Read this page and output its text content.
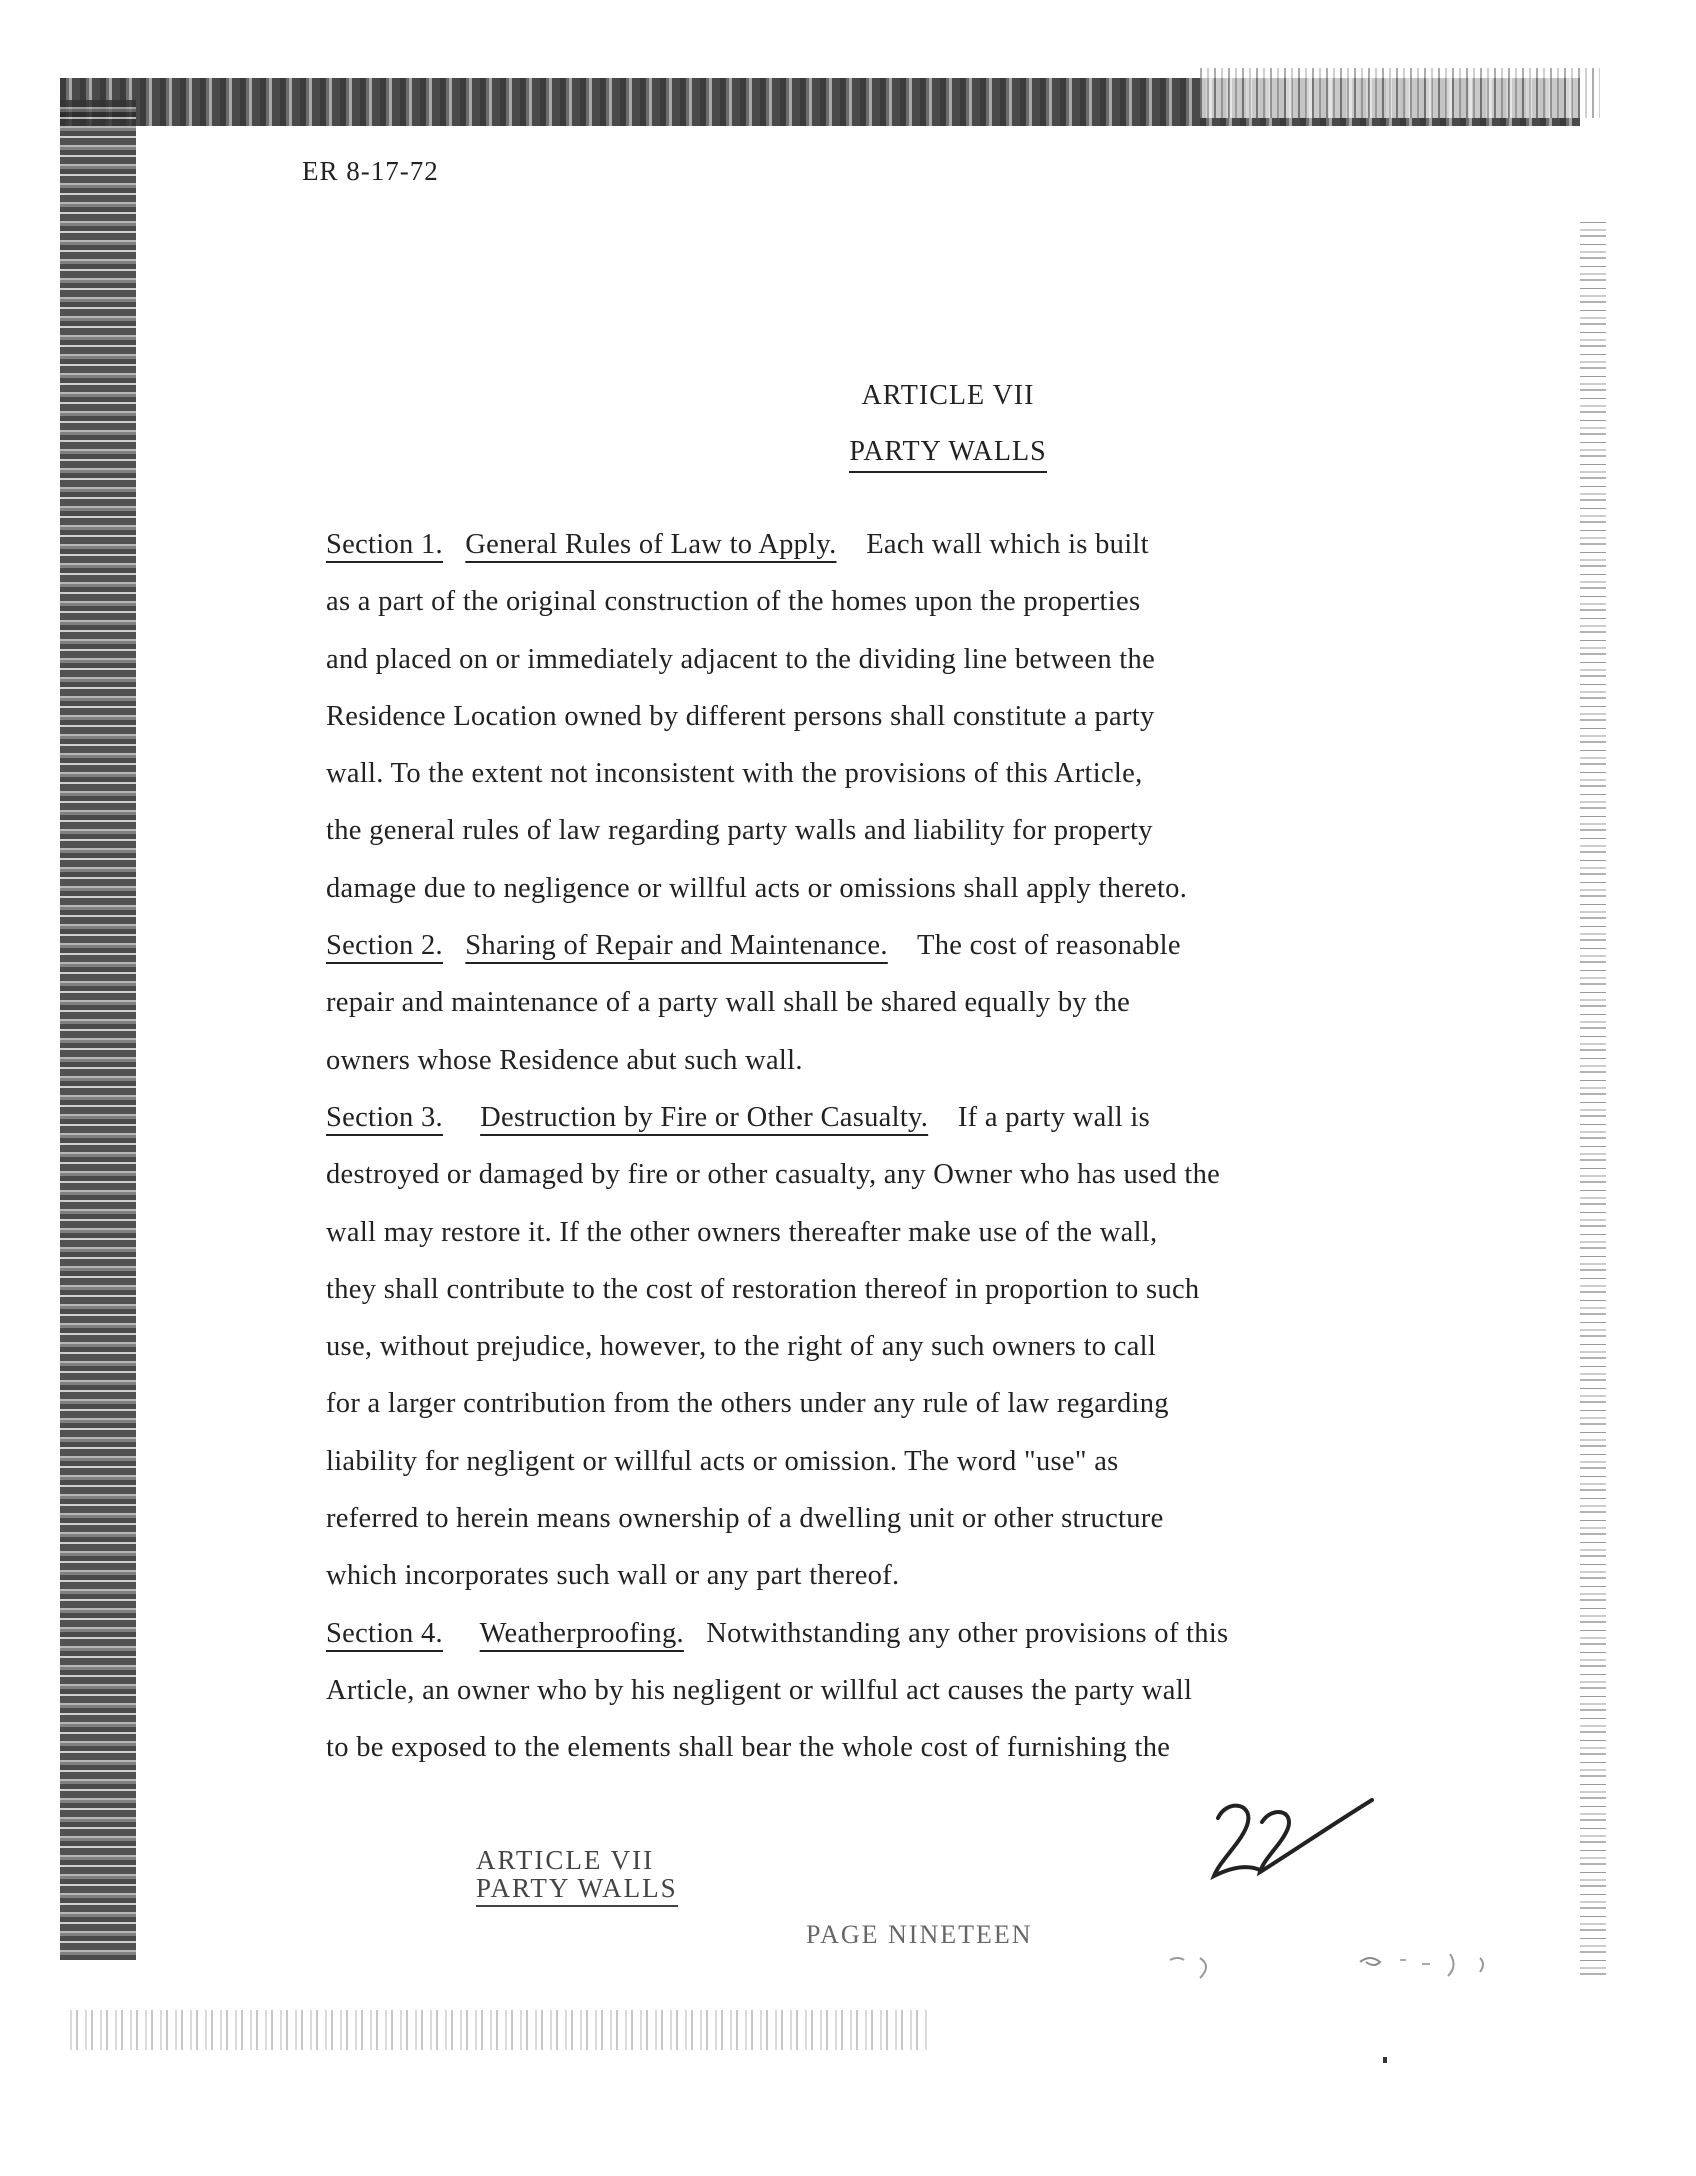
ER 8-17-72
ARTICLE VII
PARTY WALLS
Section 1. General Rules of Law to Apply. Each wall which is built
as a part of the original construction of the homes upon the properties
and placed on or immediately adjacent to the dividing line between the
Residence Location owned by different persons shall constitute a party
wall. To the extent not inconsistent with the provisions of this Article,
the general rules of law regarding party walls and liability for property
damage due to negligence or willful acts or omissions shall apply thereto.
Section 2. Sharing of Repair and Maintenance. The cost of reasonable
repair and maintenance of a party wall shall be shared equally by the
owners whose Residence abut such wall.
Section 3. Destruction by Fire or Other Casualty. If a party wall is
destroyed or damaged by fire or other casualty, any Owner who has used the
wall may restore it. If the other owners thereafter make use of the wall,
they shall contribute to the cost of restoration thereof in proportion to such
use, without prejudice, however, to the right of any such owners to call
for a larger contribution from the others under any rule of law regarding
liability for negligent or willful acts or omission. The word "use" as
referred to herein means ownership of a dwelling unit or other structure
which incorporates such wall or any part thereof.
Section 4. Weatherproofing. Notwithstanding any other provisions of this
Article, an owner who by his negligent or willful act causes the party wall
to be exposed to the elements shall bear the whole cost of furnishing the
ARTICLE VII
PARTY WALLS
PAGE NINETEEN
